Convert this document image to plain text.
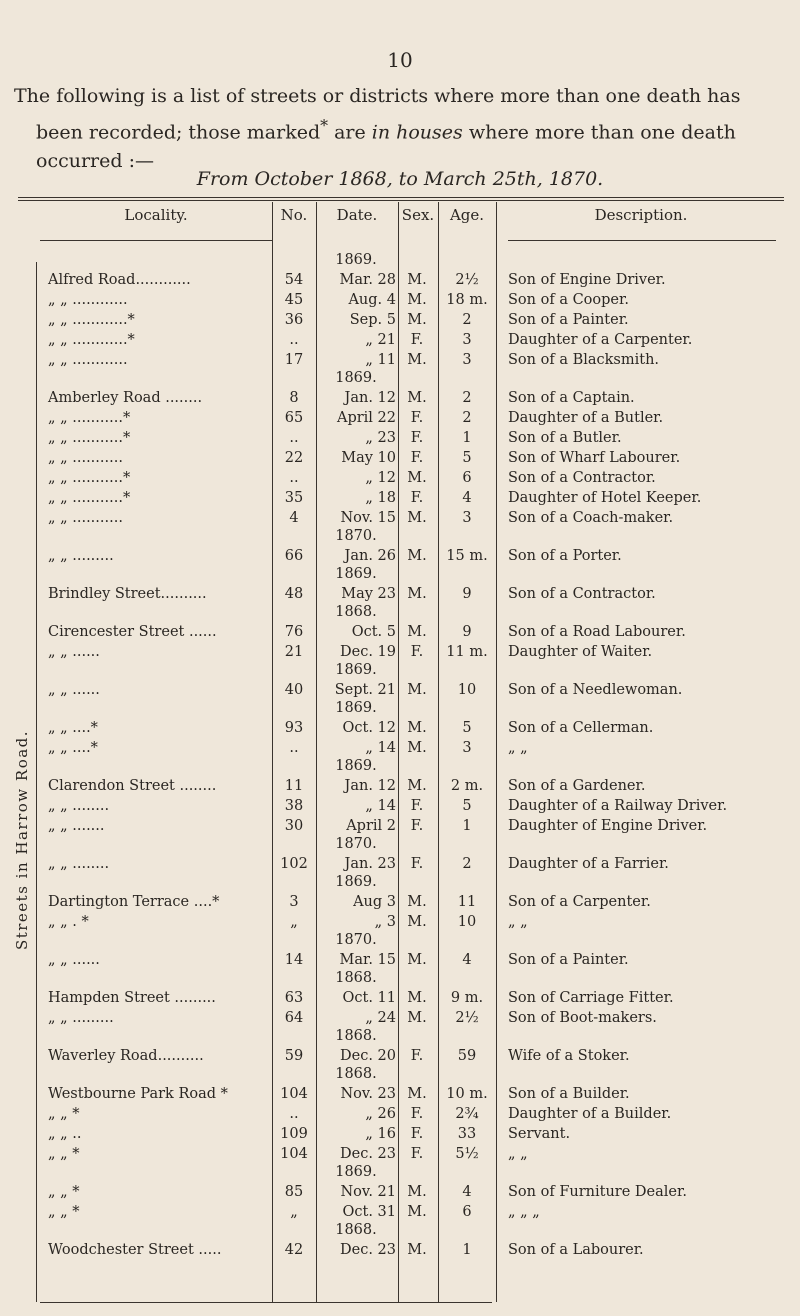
10
The following is a list of streets or districts where more than one death has
been recorded; those marked* are in houses where more than one death
occurred :—
From October 1868, to March 25th, 1870.
Locality.	No.	Date.	Sex.	Age.	Description.
Streets in Harrow Road.
1869.
Alfred Road............	54	Mar. 28 M.	2½	Son of Engine Driver.
„ „ ............	45	Aug. 4 M.	18 m.	Son of a Cooper.
„ „ ............*	36	Sep. 5 M.	2	Son of a Painter.
„ „ ............*	..	„ 21	F.	3	Daughter of a Carpenter.
„ „ ............	17	„ 11 M.	3	Son of a Blacksmith.
1869.
Amberley Road ........	8	Jan. 12 M.	2	Son of a Captain.
„ „ ...........*	65	April 22	F.	2	Daughter of a Butler.
„ „ ...........*	..	„ 23	F.	1	Son of a Butler.
„ „ ...........	22	May 10	F.	5	Son of Wharf Labourer.
„ „ ...........*	..	„ 12 M.	6	Son of a Contractor.
„ „ ...........*	35	„ 18	F.	4	Daughter of Hotel Keeper.
„ „ ...........	4	Nov. 15 M.	3	Son of a Coach-maker.
1870.
„ „ .........	66	Jan. 26 M.	15 m.	Son of a Porter.
1869.
Brindley Street..........	48	May 23 M.	9	Son of a Contractor.
1868.
Cirencester Street ......	76	Oct. 5 M.	9	Son of a Road Labourer.
„ „ ......	21	Dec. 19	F.	11 m.	Daughter of Waiter.
1869.
„ „ ......	40	Sept. 21 M.	10	Son of a Needlewoman.
1869.
„ „ ....*	93	Oct. 12 M.	5	Son of a Cellerman.
„ „ ....*	..	„ 14 M.	3	„ „
1869.
Clarendon Street ........	11	Jan. 12 M.	2 m.	Son of a Gardener.
„ „ ........	38	„ 14	F.	5	Daughter of a Railway Driver.
„ „ .......	30	April 2	F.	1	Daughter of Engine Driver.
1870.
„ „ ........	102	Jan. 23	F.	2	Daughter of a Farrier.
1869.
Dartington Terrace ....*	3	Aug 3 M.	11	Son of a Carpenter.
„ „ . *	„	„ 3 M.	10	„ „
1870.
„ „ ......	14	Mar. 15 M.	4	Son of a Painter.
1868.
Hampden Street .........	63	Oct. 11 M.	9 m.	Son of Carriage Fitter.
„ „ .........	64	„ 24 M.	2½	Son of Boot-makers.
1868.
Waverley Road..........	59	Dec. 20	F.	59	Wife of a Stoker.
1868.
Westbourne Park Road *	104	Nov. 23 M.	10 m.	Son of a Builder.
„ „ *	..	„ 26	F.	2¾	Daughter of a Builder.
„ „ ..	109	„ 16	F.	33	Servant.
„ „ *	104	Dec. 23	F.	5½	„ „
1869.
„ „ *	85	Nov. 21 M.	4	Son of Furniture Dealer.
„ „ *	„	Oct. 31 M.	6	„ „ „
1868.
Woodchester Street .....	42	Dec. 23 M.	1	Son of a Labourer.
